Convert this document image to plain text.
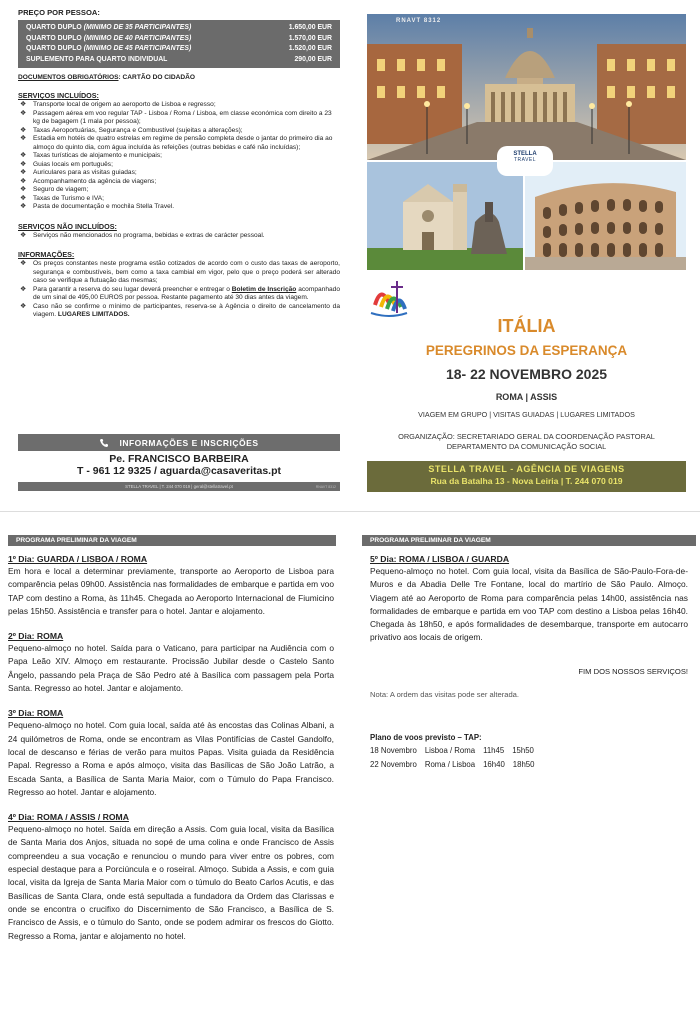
PREÇO POR PESSOA:
QUARTO DUPLO (MINIMO DE 35 PARTICIPANTES)	1.650,00 EUR
QUARTO DUPLO (MINIMO DE 40 PARTICIPANTES)	1.570,00 EUR
QUARTO DUPLO (MINIMO DE 45 PARTICIPANTES)	1.520,00 EUR
SUPLEMENTO PARA QUARTO INDIVIDUAL	290,00 EUR
DOCUMENTOS OBRIGATÓRIOS: CARTÃO DO CIDADÃO
SERVIÇOS INCLUÍDOS:
❖ Transporte local de origem ao aeroporto de Lisboa e regresso;
❖ Passagem aérea em voo regular TAP - Lisboa / Roma / Lisboa, em classe económica com direito a 23 kg de bagagem (1 mala por pessoa);
❖ Taxas Aeroportuárias, Segurança e Combustível (sujeitas a alterações);
❖ Estadia em hotéis de quatro estrelas em regime de pensão completa desde o jantar do primeiro dia ao almoço do quinto dia, com água incluída às refeições (outras bebidas e café não incluídas);
❖ Taxas turísticas de alojamento e municipais;
❖ Guias locais em português;
❖ Auriculares para as visitas guiadas;
❖ Acompanhamento da agência de viagens;
❖ Seguro de viagem;
❖ Taxas de Turismo e IVA;
❖ Pasta de documentação e mochila Stella Travel.
SERVIÇOS NÃO INCLUÍDOS:
❖ Serviços não mencionados no programa, bebidas e extras de carácter pessoal.
INFORMAÇÕES:
❖ Os preços constantes neste programa estão cotizados de acordo com o custo das taxas de aeroporto, segurança e combustíveis, bem como a taxa cambial em vigor, pelo que o preço poderá ser alterado caso se verifique a flutuação das mesmas;
❖ Para garantir a reserva do seu lugar deverá preencher e entregar o Boletim de Inscrição acompanhado de um sinal de 495,00 EUROS por pessoa. Restante pagamento até 30 dias antes da viagem.
❖ Caso não se confirme o mínimo de participantes, reserva-se à Agência o direito de cancelamento da viagem. LUGARES LIMITADOS.
INFORMAÇÕES E INSCRIÇÕES
Pe. FRANCISCO BARBEIRA
T - 961 12 9325 / aguarda@casaveritas.pt
STELLA TRAVEL | T. 244 070 019 | geral@stellatravel.pt	RNAVT 8312
RNAVT 8312
STELLA
TRAVEL
ITÁLIA
PEREGRINOS DA ESPERANÇA
18- 22 NOVEMBRO 2025
ROMA | ASSIS
VIAGEM EM GRUPO | VISITAS GUIADAS | LUGARES LIMITADOS
ORGANIZAÇÃO: SECRETARIADO GERAL DA COORDENAÇÃO PASTORAL
DEPARTAMENTO DA COMUNICAÇÃO SOCIAL
STELLA TRAVEL - AGÊNCIA DE VIAGENS
Rua da Batalha 13 - Nova Leiria | T. 244 070 019
PROGRAMA PRELIMINAR DA VIAGEM	PROGRAMA PRELIMINAR DA VIAGEM
1º Dia: GUARDA / LISBOA / ROMA
Em hora e local a determinar previamente, transporte ao Aeroporto de Lisboa para comparência pelas 09h00. Assistência nas formalidades de embarque e partida em voo TAP com destino a Roma, às 11h45. Chegada ao Aeroporto Internacional de Fiumicino pelas 15h50. Assistência e transfer para o hotel. Jantar e alojamento.
2º Dia: ROMA
Pequeno-almoço no hotel. Saída para o Vaticano, para participar na Audiência com o Papa Leão XIV. Almoço em restaurante. Procissão Jubilar desde o Castelo Santo Ângelo, passando pela Praça de São Pedro até à Basílica com passagem pela Porta Santa. Regresso ao hotel. Jantar e alojamento.
3º Dia: ROMA
Pequeno-almoço no hotel. Com guia local, saída até às encostas das Colinas Albani, a 24 quilómetros de Roma, onde se encontram as Vilas Pontifícias de Castel Gandolfo, local de descanso e férias de verão para muitos Papas. Visita guiada da Residência Papal. Regresso a Roma e após almoço, visita das Basílicas de São João Latrão, a Escada Santa, a Basílica de Santa Maria Maior, com o Túmulo do Papa Francisco. Regresso ao hotel. Jantar e alojamento.
4º Dia: ROMA / ASSIS / ROMA
Pequeno-almoço no hotel. Saída em direção a Assis. Com guia local, visita da Basílica de Santa Maria dos Anjos, situada no sopé de uma colina e onde Francisco de Assis compreendeu a sua vocação e renunciou o mundo para viver entre os pobres, com especial destaque para a Porciúncula e o roseiral. Almoço. Subida a Assis, e com guia local, visita da Igreja de Santa Maria Maior com o túmulo do Beato Carlos Acutis, e das Basílicas de Santa Clara, onde está sepultada a fundadora da Ordem das Clarissas e onde se encontra o crucifixo do Discernimento de São Francisco, a Basílica de S. Francisco de Assis, e o túmulo do Santo, onde se podem admirar os frescos do Giotto. Regresso a Roma, jantar e alojamento no hotel.
5º Dia: ROMA / LISBOA / GUARDA
Pequeno-almoço no hotel. Com guia local, visita da Basílica de São-Paulo-Fora-de-Muros e da Abadia Delle Tre Fontane, local do martírio de São Paulo. Almoço. Viagem até ao Aeroporto de Roma para comparência pelas 14h00, assistência nas formalidades de embarque e partida em voo TAP com destino a Lisboa pelas 16h40. Chegada às 18h50, e após formalidades de desembarque, transporte em autocarro privativo aos locais de origem.
FIM DOS NOSSOS SERVIÇOS!
Nota: A ordem das visitas pode ser alterada.
Plano de voos previsto – TAP:
18 Novembro Lisboa / Roma 11h45 15h50
22 Novembro Roma / Lisboa 16h40 18h50
